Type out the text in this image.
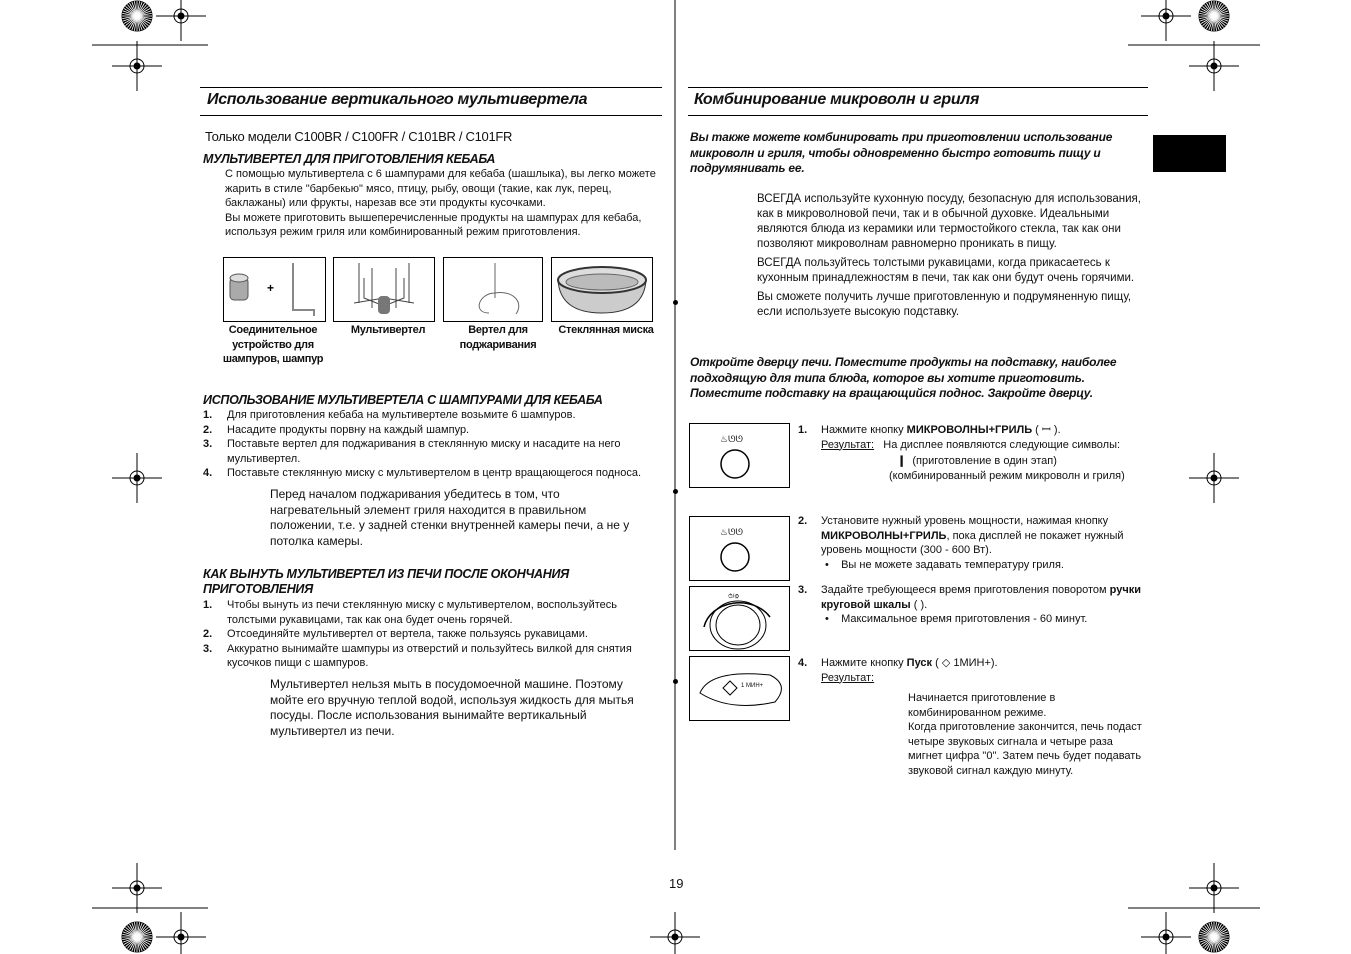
Использование вертикального мультивертела
Только модели C100BR / C100FR / C101BR / C101FR
МУЛЬТИВЕРТЕЛ ДЛЯ ПРИГОТОВЛЕНИЯ КЕБАБА
С помощью мультивертела с 6 шампурами для кебаба (шашлыка), вы легко можете жарить в стиле "барбекью" мясо, птицу, рыбу, овощи (такие, как лук, перец, баклажаны) или фрукты, нарезав все эти продукты кусочками.
Вы можете приготовить вышеперечисленные продукты на шампурах для кебаба, используя режим гриля или комбинированный режим приготовления.
+
Соединительное устройство для шампуров, шампур
Мультивертел	Вертел для поджаривания
Стеклянная миска
ИСПОЛЬЗОВАНИЕ МУЛЬТИВЕРТЕЛА С ШАМПУРАМИ ДЛЯ КЕБАБА
1. Для приготовления кебаба на мультивертеле возьмите 6 шампуров.
2. Насадите продукты порвну на каждый шампур.
3. Поставьте вертел для поджаривания в стеклянную миску и насадите на него мультивертел.
4. Поставьте стеклянную миску с мультивертелом в центр вращающегося подноса.
Перед началом поджаривания убедитесь в том, что нагревательный элемент гриля находится в правильном положении, т.е. у задней стенки внутренней камеры печи, а не у потолка камеры.
КАК ВЫНУТЬ МУЛЬТИВЕРТЕЛ ИЗ ПЕЧИ ПОСЛЕ ОКОНЧАНИЯ ПРИГОТОВЛЕНИЯ
1. Чтобы вынуть из печи стеклянную миску с мультивертелом, воспользуйтесь толстыми рукавицами, так как она будет очень горячей.
2. Отсоединяйте мультивертел от вертела, также пользуясь рукавицами.
3. Аккуратно вынимайте шампуры из отверстий и пользуйтесь вилкой для снятия кусочков пищи с шампуров.
Мультивертел нельзя мыть в посудомоечной машине. Поэтому мойте его вручную теплой водой, используя жидкость для мытья посуды. После использования вынимайте вертикальный мультивертел из печи.
Комбинирование микроволн и гриля
Вы также можете комбинировать при приготовлении использование микроволн и гриля, чтобы одновременно быстро готовить пищу и подрумянивать ее.
ВСЕГДА используйте кухонную посуду, безопасную для использования, как в микроволновой печи, так и в обычной духовке. Идеальными являются блюда из керамики или термостойкого стекла, так как они позволяют микроволнам равномерно проникать в пищу.
ВСЕГДА пользуйтесь толстыми рукавицами, когда прикасаетесь к кухонным принадлежностям в печи, так как они будут очень горячими.
Вы сможете получить лучше приготовленную и подрумяненную пищу, если используете высокую подставку.
Откройте дверцу печи. Поместите продукты на подставку, наиболее подходящую для типа блюда, которое вы хотите приготовить. Поместите подставку на вращающийся поднос. Закройте дверцу.
♨ᘎᘎ
♨ᘎᘎ
⏱/⚙
1 МИН+
1.	Нажмите кнопку МИКРОВОЛНЫ+ГРИЛЬ ( ꟷ ).
Результат: На дисплее появляются следующие символы:
❙ (приготовление в один этап)
(комбинированный режим микроволн и гриля)
2.	Установите нужный уровень мощности, нажимая кнопку МИКРОВОЛНЫ+ГРИЛЬ, пока дисплей не покажет нужный уровень мощности (300 - 600 Вт).
•    Вы не можете задавать температуру гриля.
3.	Задайте требующееся время приготовления поворотом ручки круговой шкалы ( ).
•    Максимальное время приготовления - 60 минут.
4.	Нажмите кнопку Пуск ( ◇ 1МИН+).
Результат:
Начинается приготовление в комбинированном режиме.
Когда приготовление закончится, печь подаст четыре звуковых сигнала и четыре раза мигнет цифра "0". Затем печь будет подавать звуковой сигнал каждую минуту.
19
